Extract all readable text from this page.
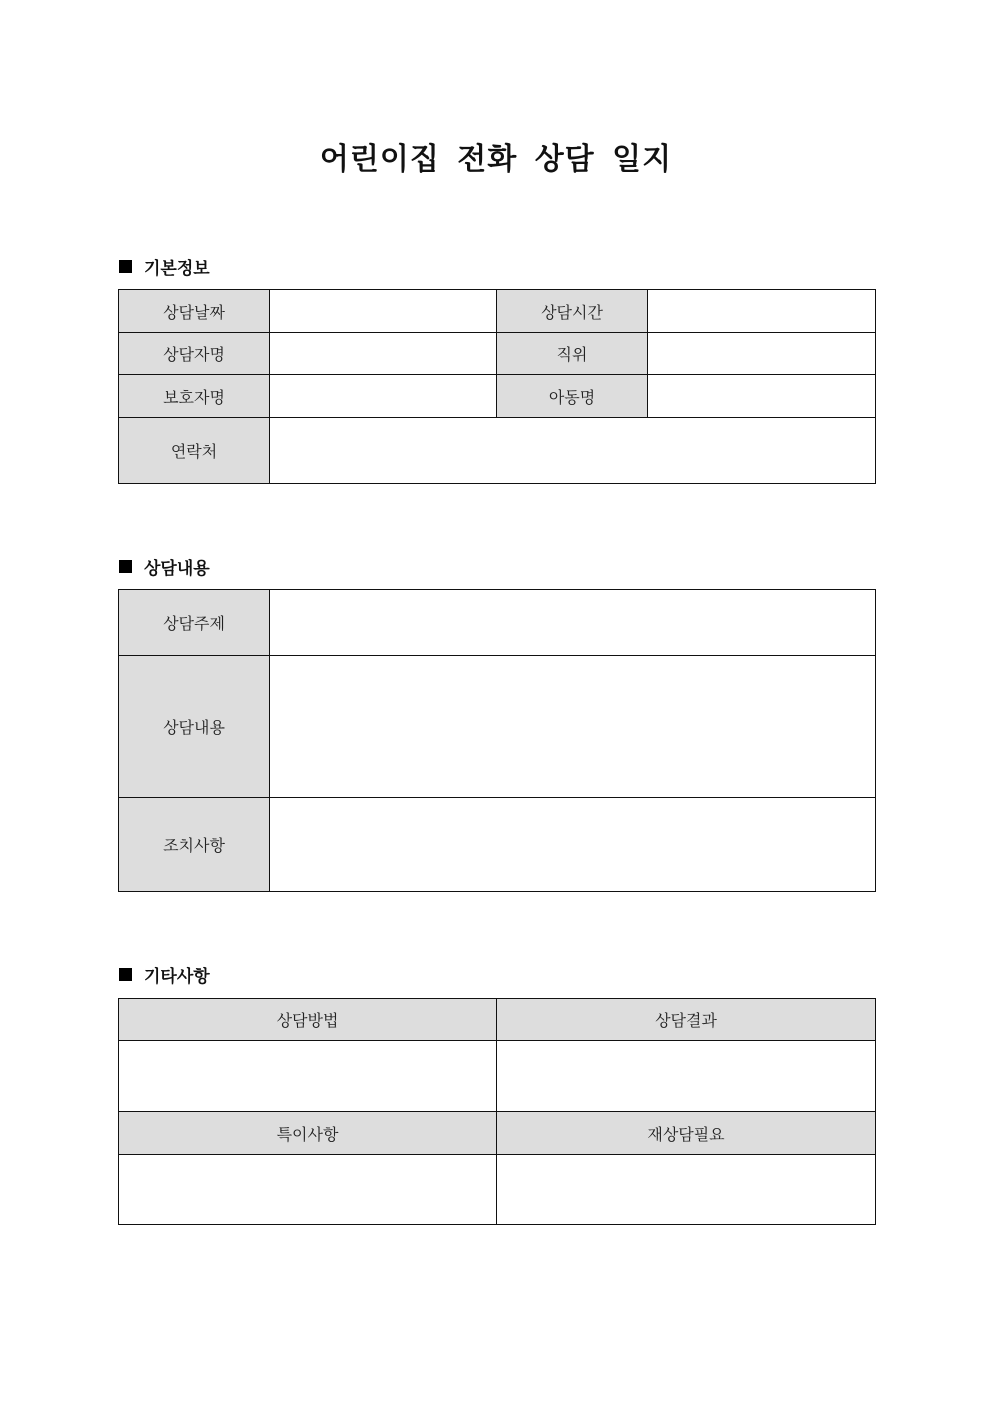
어린이집 전화 상담 일지
기본정보
상담날짜		상담시간	
상담자명		직위	
보호자명		아동명	
연락처			
상담내용
상담주제	
상담내용	
조치사항	
기타사항
상담방법	상담결과

특이사항	재상담필요
